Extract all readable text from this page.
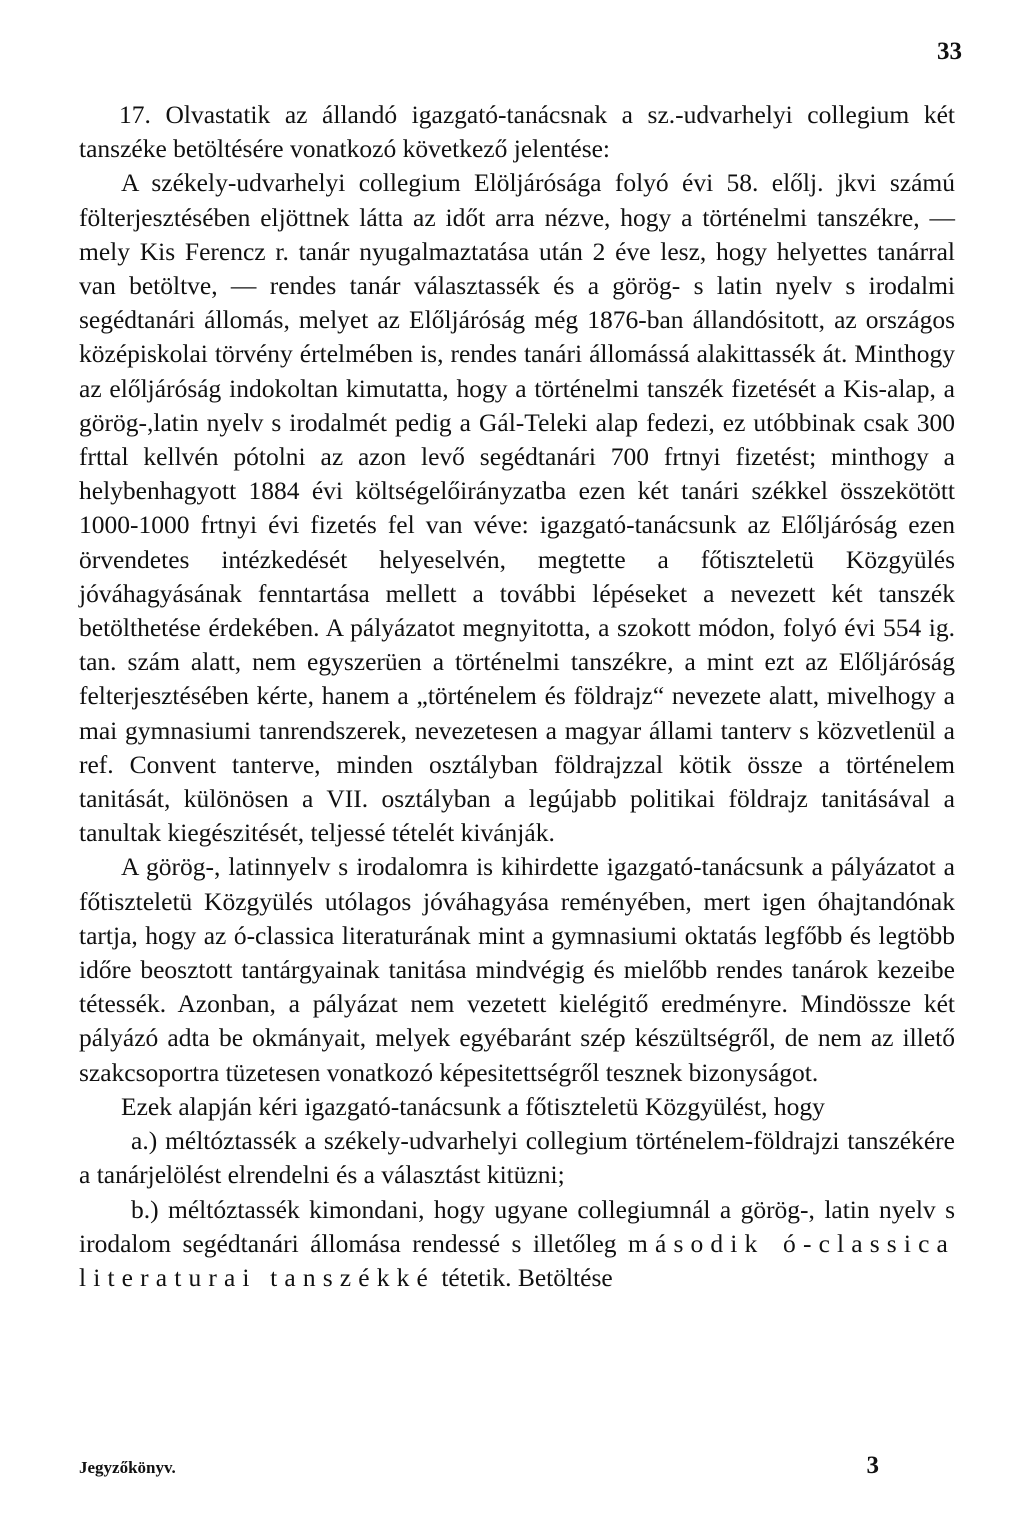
33

17. Olvastatik az állandó igazgató-tanácsnak a sz.-udvarhelyi collegium két tanszéke betöltésére vonatkozó következő jelentése:

A székely-udvarhelyi collegium Elöljárósága folyó évi 58. előlj. jkvi számú fölterjesztésében eljöttnek látta az időt arra nézve, hogy a történelmi tanszékre, — mely Kis Ferencz r. tanár nyugalmaztatása után 2 éve lesz, hogy helyettes tanárral van betöltve, — rendes tanár választassék és a görög- s latin nyelv s irodalmi segédtanári állomás, melyet az Előljáróság még 1876-ban állandósitott, az országos középiskolai törvény értelmében is, rendes tanári állomássá alakittassék át. Minthogy az előljáróság indokoltan kimutatta, hogy a történelmi tanszék fizetését a Kis-alap, a görög-,latin nyelv s irodalmét pedig a Gál-Teleki alap fedezi, ez utóbbinak csak 300 frttal kellvén pótolni az azon levő segédtanári 700 frtnyi fizetést; minthogy a helybenhagyott 1884 évi költségelőirányzatba ezen két tanári székkel összekötött 1000-1000 frtnyi évi fizetés fel van véve: igazgató-tanácsunk az Előljáróság ezen örvendetes intézkedését helyeselvén, megtette a főtiszteletü Közgyülés jóváhagyásának fenntartása mellett a további lépéseket a nevezett két tanszék betölthetése érdekében. A pályázatot megnyitotta, a szokott módon, folyó évi 554 ig. tan. szám alatt, nem egyszerüen a történelmi tanszékre, a mint ezt az Előljáróság felterjesztésében kérte, hanem a „történelem és földrajz“ nevezete alatt, mivelhogy a mai gymnasiumi tanrendszerek, nevezetesen a magyar állami tanterv s közvetlenül a ref. Convent tanterve, minden osztályban földrajzzal kötik össze a történelem tanitását, különösen a VII. osztályban a legújabb politikai földrajz tanitásával a tanultak kiegészitését, teljessé tételét kivánják.

A görög-, latinnyelv s irodalomra is kihirdette igazgató-tanácsunk a pályázatot a főtiszteletü Közgyülés utólagos jóváhagyása reményében, mert igen óhajtandónak tartja, hogy az ó-classica literaturának mint a gymnasiumi oktatás legfőbb és legtöbb időre beosztott tantárgyainak tanitása mindvégig és mielőbb rendes tanárok kezeibe tétessék. Azonban, a pályázat nem vezetett kielégitő eredményre. Mindössze két pályázó adta be okmányait, melyek egyébaránt szép készültségről, de nem az illető szakcsoportra tüzetesen vonatkozó képesitettségről tesznek bizonyságot.

Ezek alapján kéri igazgató-tanácsunk a főtiszteletü Közgyülést, hogy

a.) méltóztassék a székely-udvarhelyi collegium történelem-földrajzi tanszékére a tanárjelölést elrendelni és a választást kitüzni;

b.) méltóztassék kimondani, hogy ugyane collegiumnál a görög-, latin nyelv s irodalom segédtanári állomása rendessé s illetőleg második ó-classica literaturai tanszékké tétetik. Betöltése

Jegyzőkönyv.	3
